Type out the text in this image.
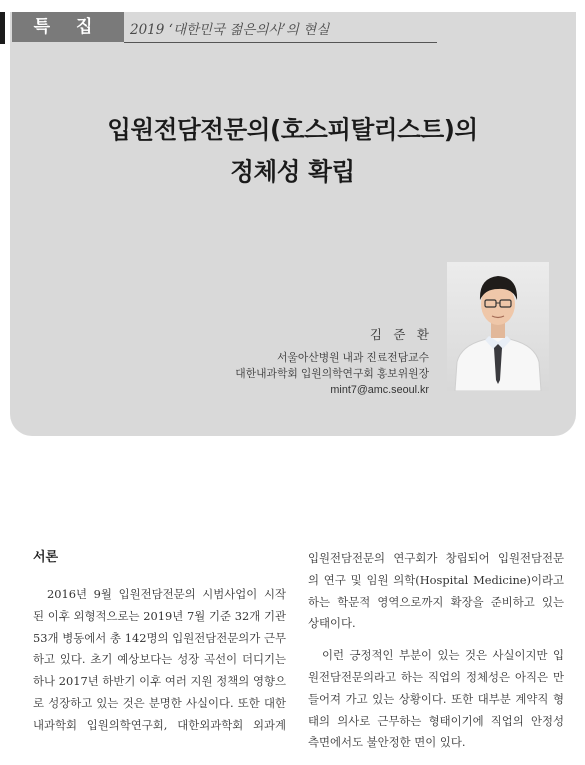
특 집	2019 ‘대한민국 젊은의사’의 현실
입원전담전문의(호스피탈리스트)의
정체성 확립
김 준 환
서울아산병원 내과 진료전담교수
대한내과학회 입원의학연구회 홍보위원장
mint7@amc.seoul.kr
서론
2016년 9월 입원전담전문의 시범사업이 시작
된 이후 외형적으로는 2019년 7월 기준 32개 기관
53개 병동에서 총 142명의 입원전담전문의가 근무
하고 있다. 초기 예상보다는 성장 곡선이 더디기는
하나 2017년 하반기 이후 여러 지원 정책의 영향으
로 성장하고 있는 것은 분명한 사실이다. 또한 대한
내과학회 입원의학연구회, 대한외과학회 외과계
입원전담전문의 연구회가 창립되어 입원전담전문
의 연구 및 임원 의학(Hospital Medicine)이라고
하는 학문적 영역으로까지 확장을 준비하고 있는
상태이다.
이런 긍정적인 부분이 있는 것은 사실이지만 입
원전담전문의라고 하는 직업의 정체성은 아직은 만
들어져 가고 있는 상황이다. 또한 대부분 계약직 형
태의 의사로 근무하는 형태이기에 직업의 안정성
측면에서도 불안정한 면이 있다.
